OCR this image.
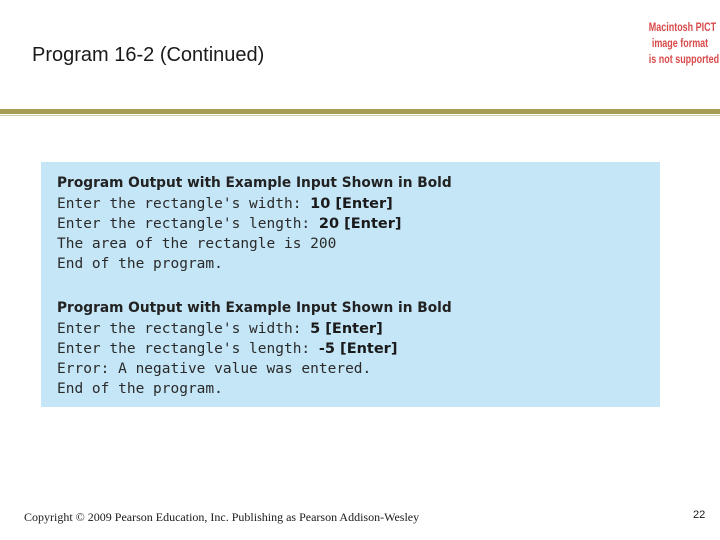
Program 16-2 (Continued)
Macintosh PICT
image format
is not supported
Program Output with Example Input Shown in Bold
Enter the rectangle's width: 10 [Enter]
Enter the rectangle's length: 20 [Enter]
The area of the rectangle is 200
End of the program.
Program Output with Example Input Shown in Bold
Enter the rectangle's width: 5 [Enter]
Enter the rectangle's length: -5 [Enter]
Error: A negative value was entered.
End of the program.
Copyright © 2009 Pearson Education, Inc. Publishing as Pearson Addison-Wesley	22
